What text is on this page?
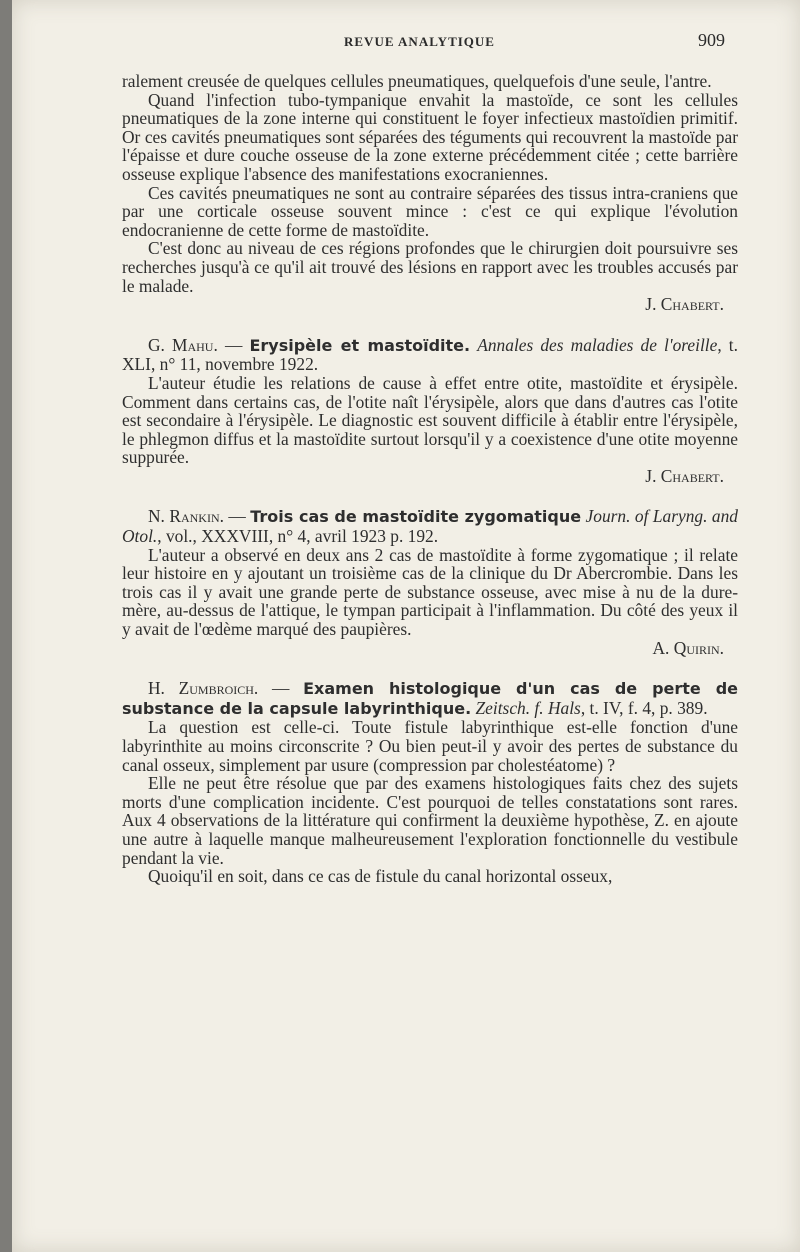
REVUE ANALYTIQUE	909

ralement creusée de quelques cellules pneumatiques, quelquefois d'une seule, l'antre.

Quand l'infection tubo-tympanique envahit la mastoïde, ce sont les cellules pneumatiques de la zone interne qui constituent le foyer infectieux mastoïdien primitif. Or ces cavités pneumatiques sont séparées des téguments qui recouvrent la mastoïde par l'épaisse et dure couche osseuse de la zone externe précédemment citée ; cette barrière osseuse explique l'absence des manifestations exocraniennes.

Ces cavités pneumatiques ne sont au contraire séparées des tissus intra-craniens que par une corticale osseuse souvent mince : c'est ce qui explique l'évolution endocranienne de cette forme de mastoïdite.

C'est donc au niveau de ces régions profondes que le chirurgien doit poursuivre ses recherches jusqu'à ce qu'il ait trouvé des lésions en rapport avec les troubles accusés par le malade.

J. Chabert.

G. Mahu. — Erysipèle et mastoïdite. Annales des maladies de l'oreille, t. XLI, n° 11, novembre 1922.

L'auteur étudie les relations de cause à effet entre otite, mastoïdite et érysipèle. Comment dans certains cas, de l'otite naît l'érysipèle, alors que dans d'autres cas l'otite est secondaire à l'érysipèle. Le diagnostic est souvent difficile à établir entre l'érysipèle, le phlegmon diffus et la mastoïdite surtout lorsqu'il y a coexistence d'une otite moyenne suppurée.

J. Chabert.

N. Rankin. — Trois cas de mastoïdite zygomatique Journ. of Laryng. and Otol., vol., XXXVIII, n° 4, avril 1923 p. 192.

L'auteur a observé en deux ans 2 cas de mastoïdite à forme zygomatique ; il relate leur histoire en y ajoutant un troisième cas de la clinique du Dr Abercrombie. Dans les trois cas il y avait une grande perte de substance osseuse, avec mise à nu de la dure-mère, au-dessus de l'attique, le tympan participait à l'inflammation. Du côté des yeux il y avait de l'œdème marqué des paupières.

A. Quirin.

H. Zumbroich. — Examen histologique d'un cas de perte de substance de la capsule labyrinthique. Zeitsch. f. Hals, t. IV, f. 4, p. 389.

La question est celle-ci. Toute fistule labyrinthique est-elle fonction d'une labyrinthite au moins circonscrite ? Ou bien peut-il y avoir des pertes de substance du canal osseux, simplement par usure (compression par cholestéatome) ?

Elle ne peut être résolue que par des examens histologiques faits chez des sujets morts d'une complication incidente. C'est pourquoi de telles constatations sont rares. Aux 4 observations de la littérature qui confirment la deuxième hypothèse, Z. en ajoute une autre à laquelle manque malheureusement l'exploration fonctionnelle du vestibule pendant la vie.

Quoiqu'il en soit, dans ce cas de fistule du canal horizontal osseux,
